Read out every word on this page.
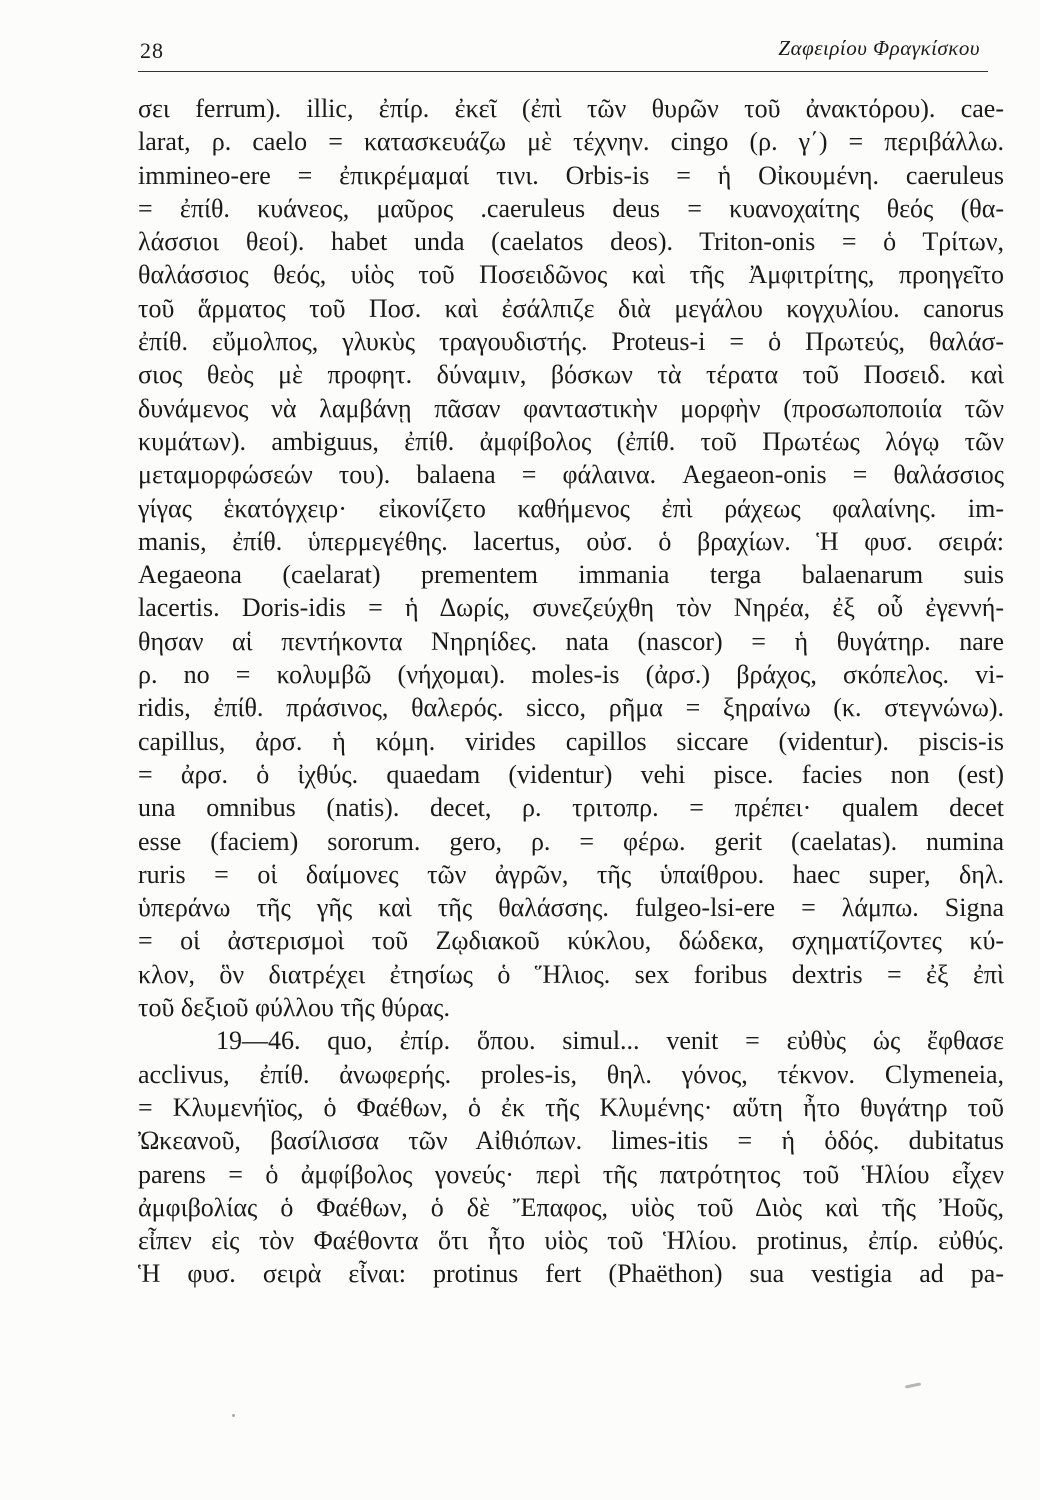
28	Ζαφειρίου Φραγκίσκου
σει ferrum). illic, ἐπίρ. ἐκεῖ (ἐπὶ τῶν θυρῶν τοῦ ἀνακτόρου). cae-
larat, ρ. caelo = κατασκευάζω μὲ τέχνην. cingo (ρ. γ΄) = περιβάλλω.
immineo-ere = ἐπικρέμαμαί τινι. Orbis-is = ἡ Οἰκουμένη. caeruleus
= ἐπίθ. κυάνεος, μαῦρος .caeruleus deus = κυανοχαίτης θεός (θα-
λάσσιοι θεοί). habet unda (caelatos deos). Triton-onis = ὁ Τρίτων,
θαλάσσιος θεός, υἱὸς τοῦ Ποσειδῶνος καὶ τῆς Ἀμφιτρίτης, προηγεῖτο
τοῦ ἅρματος τοῦ Ποσ. καὶ ἐσάλπιζε διὰ μεγάλου κογχυλίου. canorus
ἐπίθ. εὔμολπος, γλυκὺς τραγουδιστής. Proteus-i = ὁ Πρωτεύς, θαλάσ-
σιος θεὸς μὲ προφητ. δύναμιν, βόσκων τὰ τέρατα τοῦ Ποσειδ. καὶ
δυνάμενος νὰ λαμβάνῃ πᾶσαν φανταστικὴν μορφὴν (προσωποποιία τῶν
κυμάτων). ambiguus, ἐπίθ. ἀμφίβολος (ἐπίθ. τοῦ Πρωτέως λόγῳ τῶν
μεταμορφώσεών του). balaena = φάλαινα. Aegaeon-onis = θαλάσσιος
γίγας ἑκατόγχειρ· εἰκονίζετο καθήμενος ἐπὶ ράχεως φαλαίνης. im-
manis, ἐπίθ. ὑπερμεγέθης. lacertus, οὐσ. ὁ βραχίων. Ἡ φυσ. σειρά:
Aegaeona (caelarat) prementem immania terga balaenarum suis
lacertis. Doris-idis = ἡ Δωρίς, συνεζεύχθη τὸν Νηρέα, ἐξ οὗ ἐγεννή-
θησαν αἱ πεντήκοντα Νηρηίδες. nata (nascor) = ἡ θυγάτηρ. nare
ρ. no = κολυμβῶ (νήχομαι). moles-is (ἀρσ.) βράχος, σκόπελος. vi-
ridis, ἐπίθ. πράσινος, θαλερός. sicco, ρῆμα = ξηραίνω (κ. στεγνώνω).
capillus, ἀρσ. ἡ κόμη. virides capillos siccare (videntur). piscis-is
= ἀρσ. ὁ ἰχθύς. quaedam (videntur) vehi pisce. facies non (est)
una omnibus (natis). decet, ρ. τριτοπρ. = πρέπει· qualem decet
esse (faciem) sororum. gero, ρ. = φέρω. gerit (caelatas). numina
ruris = οἱ δαίμονες τῶν ἀγρῶν, τῆς ὑπαίθρου. haec super, δηλ.
ὑπεράνω τῆς γῆς καὶ τῆς θαλάσσης. fulgeo-lsi-ere = λάμπω. Signa
= οἱ ἀστερισμοὶ τοῦ Ζῳδιακοῦ κύκλου, δώδεκα, σχηματίζοντες κύ-
κλον, ὃν διατρέχει ἐτησίως ὁ Ἥλιος. sex foribus dextris = ἐξ ἐπὶ
τοῦ δεξιοῦ φύλλου τῆς θύρας.
19—46. quo, ἐπίρ. ὅπου. simul... venit = εὐθὺς ὡς ἔφθασε
acclivus, ἐπίθ. ἀνωφερής. proles-is, θηλ. γόνος, τέκνον. Clymeneia,
= Κλυμενήϊος, ὁ Φαέθων, ὁ ἐκ τῆς Κλυμένης· αὕτη ἦτο θυγάτηρ τοῦ
Ὠκεανοῦ, βασίλισσα τῶν Αἰθιόπων. limes-itis = ἡ ὁδός. dubitatus
parens = ὁ ἀμφίβολος γονεύς· περὶ τῆς πατρότητος τοῦ Ἡλίου εἶχεν
ἀμφιβολίας ὁ Φαέθων, ὁ δὲ Ἔπαφος, υἱὸς τοῦ Διὸς καὶ τῆς Ἠοῦς,
εἶπεν εἰς τὸν Φαέθοντα ὅτι ἦτο υἱὸς τοῦ Ἡλίου. protinus, ἐπίρ. εὐθύς.
Ἡ φυσ. σειρὰ εἶναι: protinus fert (Phaëthon) sua vestigia ad pa-
